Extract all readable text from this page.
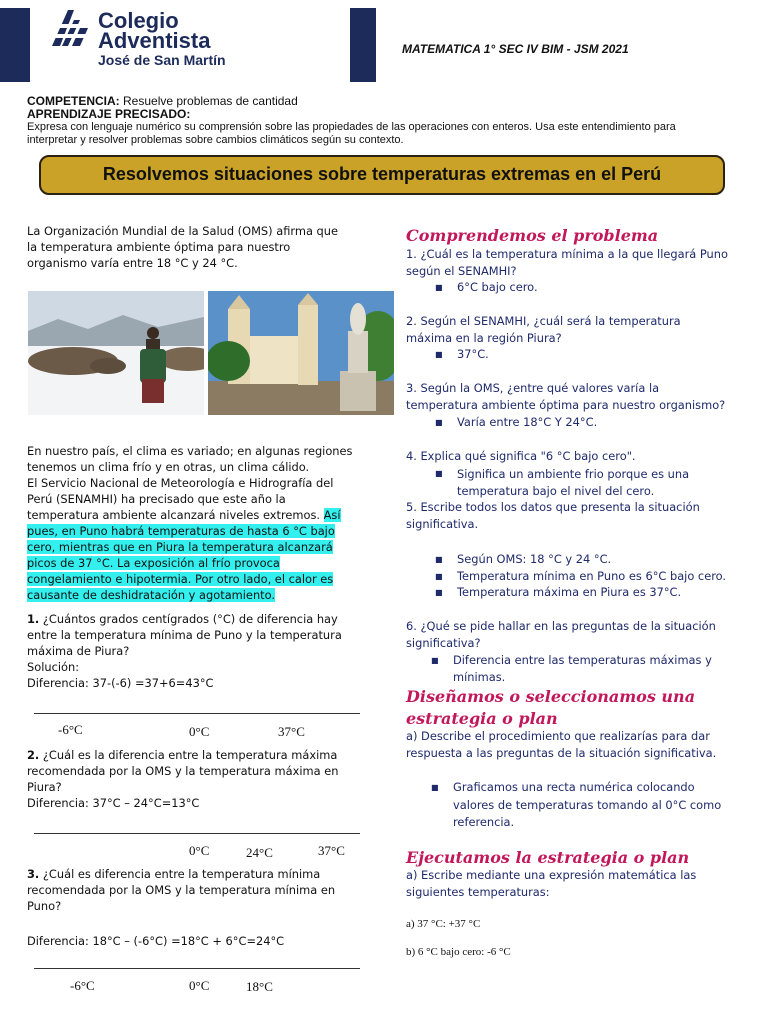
Colegio
Adventista
José de San Martín
MATEMATICA 1° SEC IV BIM - JSM 2021
COMPETENCIA: Resuelve problemas de cantidad
APRENDIZAJE PRECISADO:
Expresa con lenguaje numérico su comprensión sobre las propiedades de las operaciones con enteros. Usa este entendimiento para
interpretar y resolver problemas sobre cambios climáticos según su contexto.
Resolvemos situaciones sobre temperaturas extremas en el Perú
La Organización Mundial de la Salud (OMS) afirma que
la temperatura ambiente óptima para nuestro
organismo varía entre 18 °C y 24 °C.
En nuestro país, el clima es variado; en algunas regiones
tenemos un clima frío y en otras, un clima cálido.
El Servicio Nacional de Meteorología e Hidrografía del
Perú (SENAMHI) ha precisado que este año la
temperatura ambiente alcanzará niveles extremos. Así
pues, en Puno habrá temperaturas de hasta 6 °C bajo
cero, mientras que en Piura la temperatura alcanzará
picos de 37 °C. La exposición al frío provoca
congelamiento e hipotermia. Por otro lado, el calor es
causante de deshidratación y agotamiento.
1. ¿Cuántos grados centígrados (°C) de diferencia hay
entre la temperatura mínima de Puno y la temperatura
máxima de Piura?
Solución:
Diferencia: 37-(-6) =37+6=43°C
-6°C	0°C	37°C
2. ¿Cuál es la diferencia entre la temperatura máxima
recomendada por la OMS y la temperatura máxima en
Piura?
Diferencia: 37°C – 24°C=13°C
0°C	24°C	37°C
3. ¿Cuál es diferencia entre la temperatura mínima
recomendada por la OMS y la temperatura mínima en
Puno?
Diferencia: 18°C – (-6°C) =18°C + 6°C=24°C
-6°C	0°C	18°C
Comprendemos el problema
1. ¿Cuál es la temperatura mínima a la que llegará Puno
según el SENAMHI?
■ 6°C bajo cero.
2. Según el SENAMHI, ¿cuál será la temperatura
máxima en la región Piura?
■ 37°C.
3. Según la OMS, ¿entre qué valores varía la
temperatura ambiente óptima para nuestro organismo?
■ Varía entre 18°C Y 24°C.
4. Explica qué significa "6 °C bajo cero".
■ Significa un ambiente frio porque es una
temperatura bajo el nivel del cero.
5. Escribe todos los datos que presenta la situación
significativa.
■ Según OMS: 18 °C y 24 °C.
■ Temperatura mínima en Puno es 6°C bajo cero.
■ Temperatura máxima en Piura es 37°C.
6. ¿Qué se pide hallar en las preguntas de la situación
significativa?
■ Diferencia entre las temperaturas máximas y
mínimas.
Diseñamos o seleccionamos una
estrategia o plan
a) Describe el procedimiento que realizarías para dar
respuesta a las preguntas de la situación significativa.
■ Graficamos una recta numérica colocando
valores de temperaturas tomando al 0°C como
referencia.
Ejecutamos la estrategia o plan
a) Escribe mediante una expresión matemática las
siguientes temperaturas:
a) 37 °C: +37 °C
b) 6 °C bajo cero: -6 °C
